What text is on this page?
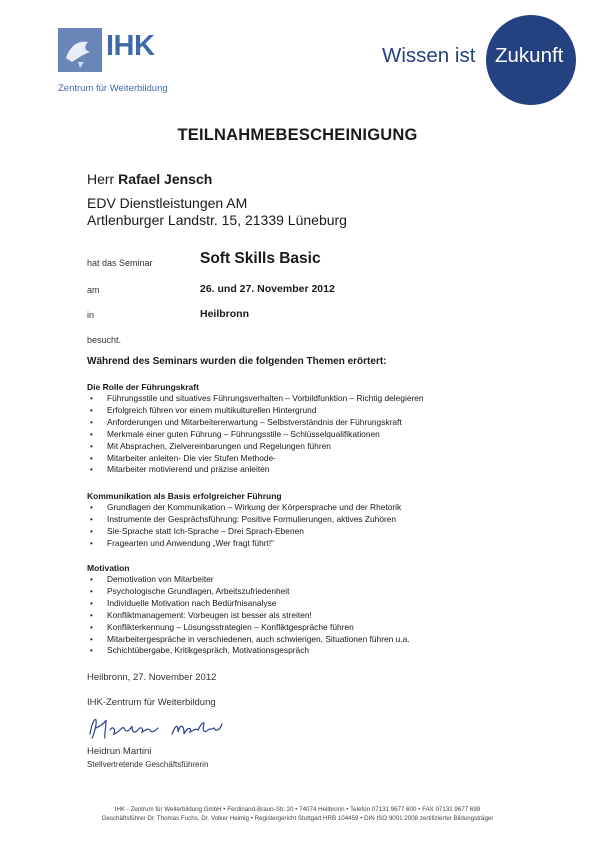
IHK
Zentrum für Weiterbildung
Wissen ist Zukunft
TEILNAHMEBESCHEINIGUNG
Herr Rafael Jensch
EDV Dienstleistungen AM
Artlenburger Landstr. 15, 21339 Lüneburg
hat das Seminar	Soft Skills Basic
am	26. und 27. November 2012
in	Heilbronn
besucht.
Während des Seminars wurden die folgenden Themen erörtert:
Die Rolle der Führungskraft
• Führungsstile und situatives Führungsverhalten – Vorbildfunktion – Richtig delegieren
• Erfolgreich führen vor einem multikulturellen Hintergrund
• Anforderungen und Mitarbeitererwartung – Selbstverständnis der Führungskraft
• Merkmale einer guten Führung – Führungsstile – Schlüsselqualifikationen
• Mit Absprachen, Zielvereinbarungen und Regelungen führen
• Mitarbeiter anleiten- Die vier Stufen Methode-
• Mitarbeiter motivierend und präzise anleiten
Kommunikation als Basis erfolgreicher Führung
• Grundlagen der Kommunikation – Wirkung der Körpersprache und der Rhetorik
• Instrumente der Gesprächsführung: Positive Formulierungen, aktives Zuhören
• Sie-Sprache statt Ich-Sprache – Drei Sprach-Ebenen
• Fragearten und Anwendung „Wer fragt führt!“
Motivation
• Demotivation von Mitarbeiter
• Psychologische Grundlagen, Arbeitszufriedenheit
• Individuelle Motivation nach Bedürfnisanalyse
• Konfliktmanagement: Vorbeugen ist besser als streiten!
• Konflikterkennung – Lösungsstrategien – Konfliktgespräche führen
• Mitarbeitergespräche in verschiedenen, auch schwierigen, Situationen führen u.a.
• Schichtübergabe, Kritikgespräch, Motivationsgespräch
Heilbronn, 27. November 2012
IHK-Zentrum für Weiterbildung
Heidrun Martini
Stellvertretende Geschäftsführerin
IHK - Zentrum für Weiterbildung GmbH • Ferdinand-Braun-Str. 20 • 74074 Heilbronn • Telefon 07131 9677 600 • FAX 07131 9677 699
Geschäftsführer Dr. Thomas Fuchs, Dr. Volker Heimig • Registergericht Stuttgart HRB 104459 • DIN ISO 9001:2008 zertifizierter Bildungsträger
